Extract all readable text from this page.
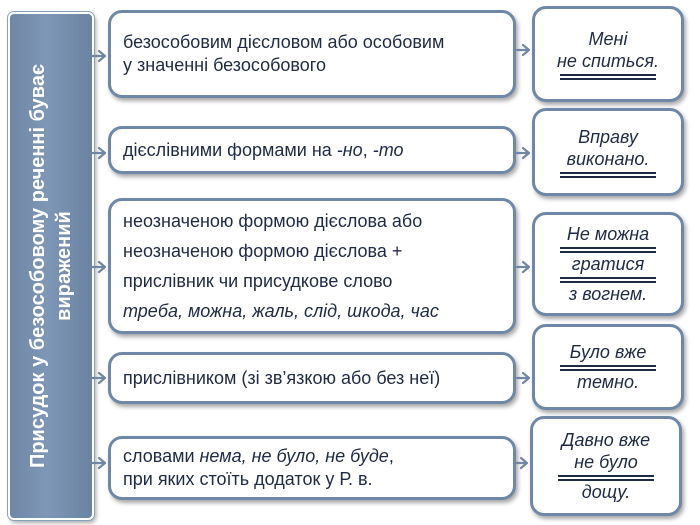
Присудок у безособовому реченні буває виражений
безособовим дієсловом або особовим
у значенні безособового
Мені
не спиться.
дієслівними формами на -но, -то
Вправу
виконано.
неозначеною формою дієслова або
неозначеною формою дієслова +
прислівник чи присудкове слово
треба, можна, жаль, слід, шкода, час
Не можна
гратися
з вогнем.
прислівником (зі зв’язкою або без неї)
Було вже
темно.
словами нема, не було, не буде,
при яких стоїть додаток у Р. в.
Давно вже
не було
дощу.
